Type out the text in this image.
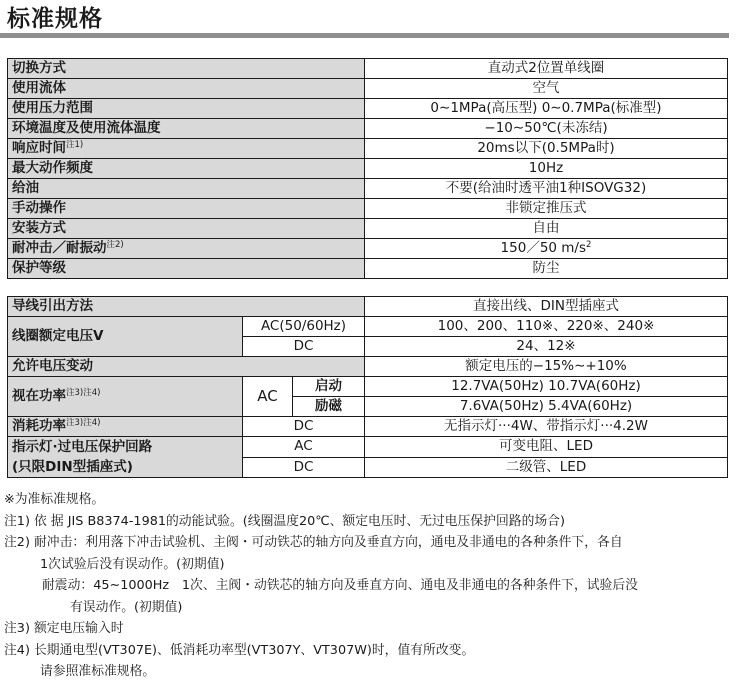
标准规格
切换方式	直动式2位置单线圈
使用流体	空气
使用压力范围	0∼1MPa(高压型) 0∼0.7MPa(标准型)
环境温度及使用流体温度	−10∼50℃(未冻结)
响应时间$^{注1)}$	20ms以下(0.5MPa时)
最大动作频度	10Hz
给油	不要(给油时透平油1种ISOVG32)
手动操作	非锁定推压式
安装方式	自由
耐冲击／耐振动$^{注2)}$	150／50 $m/s^2$
保护等级	防尘
导线引出方法			直接出线、DIN型插座式
线圈额定电压V	AC(50/60Hz)		100、200、110※、220※、240※
	DC		24、12※
允许电压变动			额定电压的−15%∼+10%
视在功率$^{注3)注4)}$	AC	启动	12.7VA(50Hz) 10.7VA(60Hz)
		励磁	7.6VA(50Hz) 5.4VA(60Hz)
消耗功率$^{注3)注4)}$	DC		无指示灯···4W、带指示灯···4.2W

指示灯·过电压保护回路
(只限DIN型插座式)	AC		可变电阻、LED
	DC		二级管、LED
※为准标准规格。
注1) 依 据 JIS B8374-1981的动能试验。(线圈温度20℃、额定电压时、无过电压保护回路的场合)
注2) 耐冲击：利用落下冲击试验机、主阀・可动铁芯的轴方向及垂直方向，通电及非通电的各种条件下，各自
1次试验后没有误动作。(初期值)
耐震动：45∼1000Hz　1次、主阀・动铁芯的轴方向及垂直方向、通电及非通电的各种条件下，试验后没
有误动作。(初期值)
注3) 额定电压输入时
注4) 长期通电型(VT307E)、低消耗功率型(VT307Y、VT307W)时，值有所改变。
请参照准标准规格。
